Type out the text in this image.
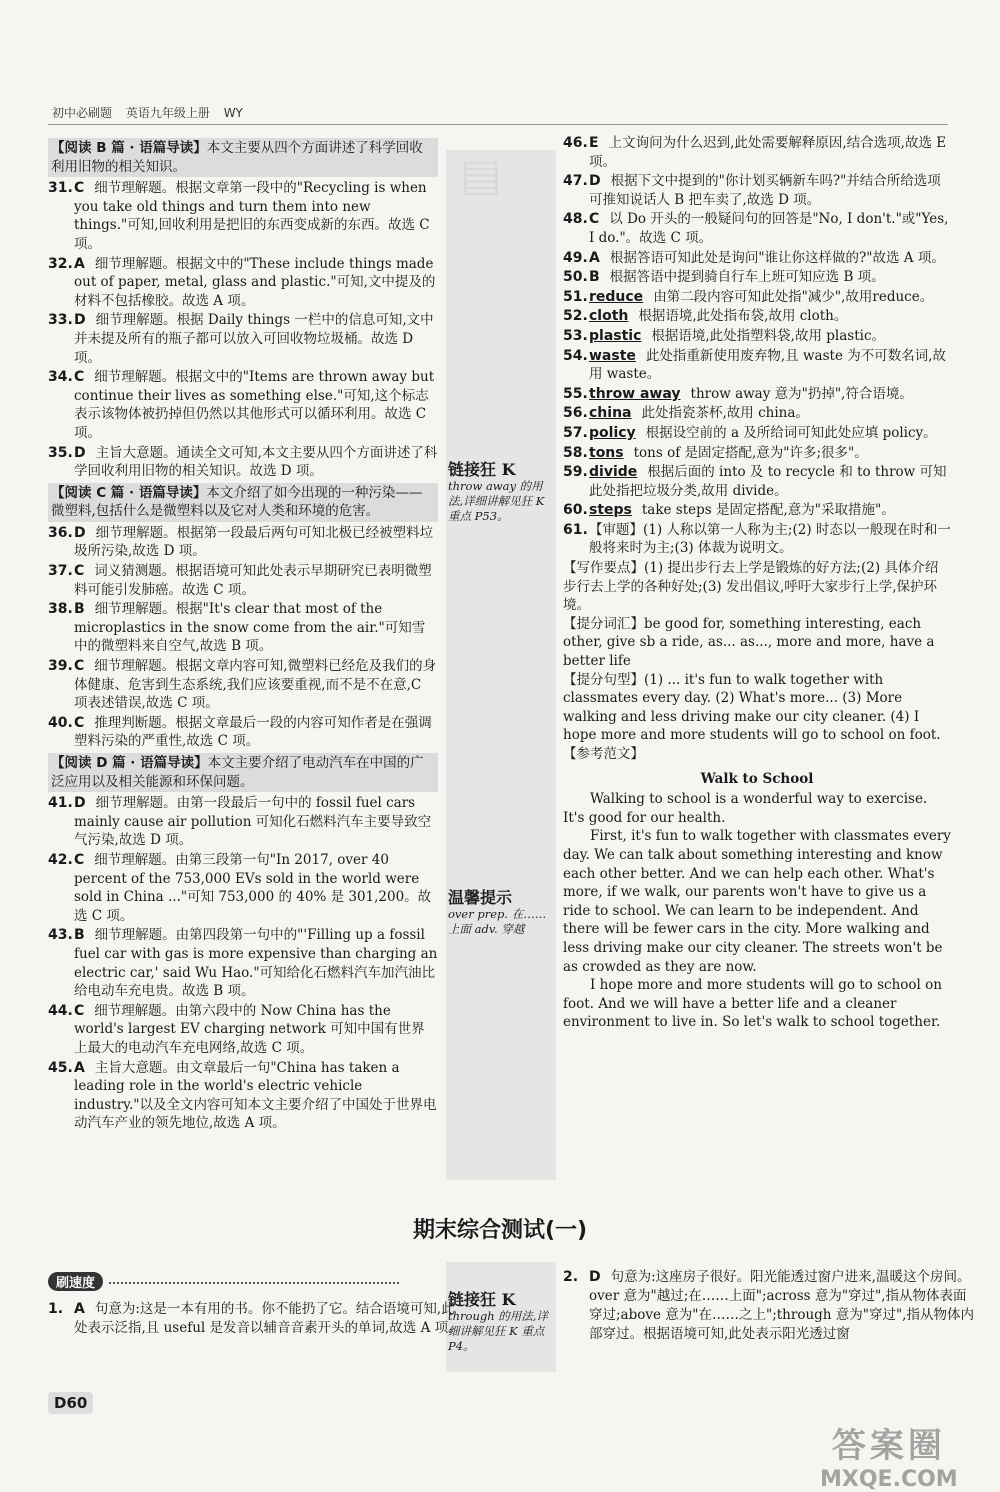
初中必刷题 英语九年级上册 WY
▤
链接狂 K
throw away 的用法,详细讲解见狂 K 重点 P53。
温馨提示
over prep. 在……上面 adv. 穿越
【阅读 B 篇 · 语篇导读】本文主要从四个方面讲述了科学回收利用旧物的相关知识。
31.C 细节理解题。根据文章第一段中的"Recycling is when you take old things and turn them into new things."可知,回收利用是把旧的东西变成新的东西。故选 C 项。
32.A 细节理解题。根据文中的"These include things made out of paper, metal, glass and plastic."可知,文中提及的材料不包括橡胶。故选 A 项。
33.D 细节理解题。根据 Daily things 一栏中的信息可知,文中并未提及所有的瓶子都可以放入可回收物垃圾桶。故选 D 项。
34.C 细节理解题。根据文中的"Items are thrown away but continue their lives as something else."可知,这个标志表示该物体被扔掉但仍然以其他形式可以循环利用。故选 C 项。
35.D 主旨大意题。通读全文可知,本文主要从四个方面讲述了科学回收利用旧物的相关知识。故选 D 项。
【阅读 C 篇 · 语篇导读】本文介绍了如今出现的一种污染——微塑料,包括什么是微塑料以及它对人类和环境的危害。
36.D 细节理解题。根据第一段最后两句可知北极已经被塑料垃圾所污染,故选 D 项。
37.C 词义猜测题。根据语境可知此处表示早期研究已表明微塑料可能引发肺癌。故选 C 项。
38.B 细节理解题。根据"It's clear that most of the microplastics in the snow come from the air."可知雪中的微塑料来自空气,故选 B 项。
39.C 细节理解题。根据文章内容可知,微塑料已经危及我们的身体健康、危害到生态系统,我们应该要重视,而不是不在意,C 项表述错误,故选 C 项。
40.C 推理判断题。根据文章最后一段的内容可知作者是在强调塑料污染的严重性,故选 C 项。
【阅读 D 篇 · 语篇导读】本文主要介绍了电动汽车在中国的广泛应用以及相关能源和环保问题。
41.D 细节理解题。由第一段最后一句中的 fossil fuel cars mainly cause air pollution 可知化石燃料汽车主要导致空气污染,故选 D 项。
42.C 细节理解题。由第三段第一句"In 2017, over 40 percent of the 753,000 EVs sold in the world were sold in China ..."可知 753,000 的 40% 是 301,200。故选 C 项。
43.B 细节理解题。由第四段第一句中的"'Filling up a fossil fuel car with gas is more expensive than charging an electric car,' said Wu Hao."可知给化石燃料汽车加汽油比给电动车充电贵。故选 B 项。
44.C 细节理解题。由第六段中的 Now China has the world's largest EV charging network 可知中国有世界上最大的电动汽车充电网络,故选 C 项。
45.A 主旨大意题。由文章最后一句"China has taken a leading role in the world's electric vehicle industry."以及全文内容可知本文主要介绍了中国处于世界电动汽车产业的领先地位,故选 A 项。
46.E 上文询问为什么迟到,此处需要解释原因,结合选项,故选 E 项。
47.D 根据下文中提到的"你计划买辆新车吗?"并结合所给选项可推知说话人 B 把车卖了,故选 D 项。
48.C 以 Do 开头的一般疑问句的回答是"No, I don't."或"Yes, I do."。故选 C 项。
49.A 根据答语可知此处是询问"谁让你这样做的?"故选 A 项。
50.B 根据答语中提到骑自行车上班可知应选 B 项。
51.reduce 由第二段内容可知此处指"减少",故用reduce。
52.cloth 根据语境,此处指布袋,故用 cloth。
53.plastic 根据语境,此处指塑料袋,故用 plastic。
54.waste 此处指重新使用废弃物,且 waste 为不可数名词,故用 waste。
55.throw away throw away 意为"扔掉",符合语境。
56.china 此处指瓷茶杯,故用 china。
57.policy 根据设空前的 a 及所给词可知此处应填 policy。
58.tons tons of 是固定搭配,意为"许多;很多"。
59.divide 根据后面的 into 及 to recycle 和 to throw 可知此处指把垃圾分类,故用 divide。
60.steps take steps 是固定搭配,意为"采取措施"。
61.【审题】(1) 人称以第一人称为主;(2) 时态以一般现在时和一般将来时为主;(3) 体裁为说明文。
【写作要点】(1) 提出步行去上学是锻炼的好方法;(2) 具体介绍步行去上学的各种好处;(3) 发出倡议,呼吁大家步行上学,保护环境。
【提分词汇】be good for, something interesting, each other, give sb a ride, as... as..., more and more, have a better life
【提分句型】(1) ... it's fun to walk together with classmates every day. (2) What's more... (3) More walking and less driving make our city cleaner. (4) I hope more and more students will go to school on foot.
【参考范文】
Walk to School

Walking to school is a wonderful way to exercise. It's good for our health.

First, it's fun to walk together with classmates every day. We can talk about something interesting and know each other better. And we can help each other. What's more, if we walk, our parents won't have to give us a ride to school. We can learn to be independent. And there will be fewer cars in the city. More walking and less driving make our city cleaner. The streets won't be as crowded as they are now.

I hope more and more students will go to school on foot. And we will have a better life and a cleaner environment to live in. So let's walk to school together.

期末综合测试(一)
刷速度
链接狂 K
through 的用法,详细讲解见狂 K 重点 P4。
1. A 句意为:这是一本有用的书。你不能扔了它。结合语境可知,此处表示泛指,且 useful 是发音以辅音音素开头的单词,故选 A 项。
2. D 句意为:这座房子很好。阳光能透过窗户进来,温暖这个房间。over 意为"越过;在……上面";across 意为"穿过",指从物体表面穿过;above 意为"在……之上";through 意为"穿过",指从物体内部穿过。根据语境可知,此处表示阳光透过窗
D60
答案圈
MXQE.COM
